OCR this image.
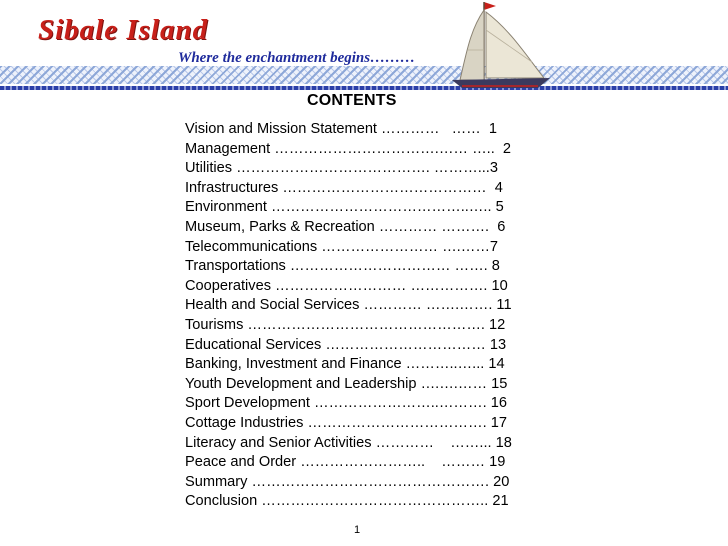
Sibale Island
Where the enchantment begins………
CONTENTS
Vision and Mission Statement …………   ……  1
Management …………………………….…… …..  2
Utilities …………………………………. ………...3
Infrastructures ……………………………………  4
Environment …………………………………..….. 5
Museum, Parks & Recreation ………… ……….  6
Telecommunications …………………… ….……7
Transportations …………………………… ……. 8
Cooperatives ……………………… ……………. 10
Health and Social Services ………… …….……. 11
Tourisms …………………………………………. 12
Educational Services …………………………… 13
Banking, Investment and Finance ………..…... 14
Youth Development and Leadership ….….…… 15
Sport Development ……………………..………. 16
Cottage Industries ………………………………. 17
Literacy and Senior Activities …………    ……... 18
Peace and Order ……………………..    ……… 19
Summary …………………………………………. 20
Conclusion ……………………………………….. 21
1
